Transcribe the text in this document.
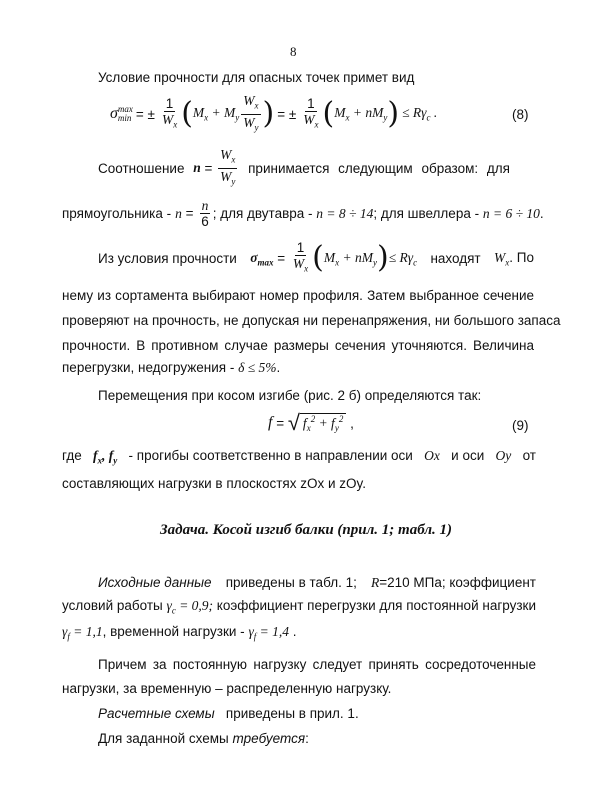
8
Условие прочности для опасных точек примет вид
σ max
min = ± $\frac{1}{W_x}$ ( $M_x + M_y \frac{W_x}{W_y}$ ) = ± $\frac{1}{W_x}$ ( $M_x + nM_y$ ) ≤ $R\gamma_c$ .	(8)
Соотношение $n = \frac{W_x}{W_y}$ принимается следующим образом: для
прямоугольника - $n = \frac{n}{6}$ ; для двутавра -
n = 8 ÷ 14 ; для швеллера -
n = 6 ÷ 10 .
Из условия прочности $\sigma_{max} = \frac{1}{W_x}$ ( $M_x + nM_y$ ) ≤ $R\gamma_c$ находят $W_x$. По
нему из сортамента выбирают номер профиля. Затем выбранное сечение
проверяют на прочность, не допуская ни перенапряжения, ни большого запаса
прочности. В противном случае размеры сечения уточняются. Величина
перегрузки, недогружения - δ ≤ 5%.
Перемещения при косом изгибе (рис. 2 б) определяются так:
f = √ $f_x^2 + f_y^2$ ,	(9)
где $f_x$, $f_y$ - прогибы соответственно в направлении оси Ox и оси Oy от
составляющих нагрузки в плоскостях zOx и zOy.
Задача. Косой изгиб балки (прил. 1; табл. 1)
Исходные данные приведены в табл. 1; R=210 МПа; коэффициент
условий работы $\gamma_c = 0,9$; коэффициент перегрузки для постоянной нагрузки
$\gamma_f = 1,1$, временной нагрузки - $\gamma_f = 1,4$ .
Причем за постоянную нагрузку следует принять сосредоточенные
нагрузки, за временную – распределенную нагрузку.
Расчетные схемы приведены в прил. 1.
Для заданной схемы требуется:
